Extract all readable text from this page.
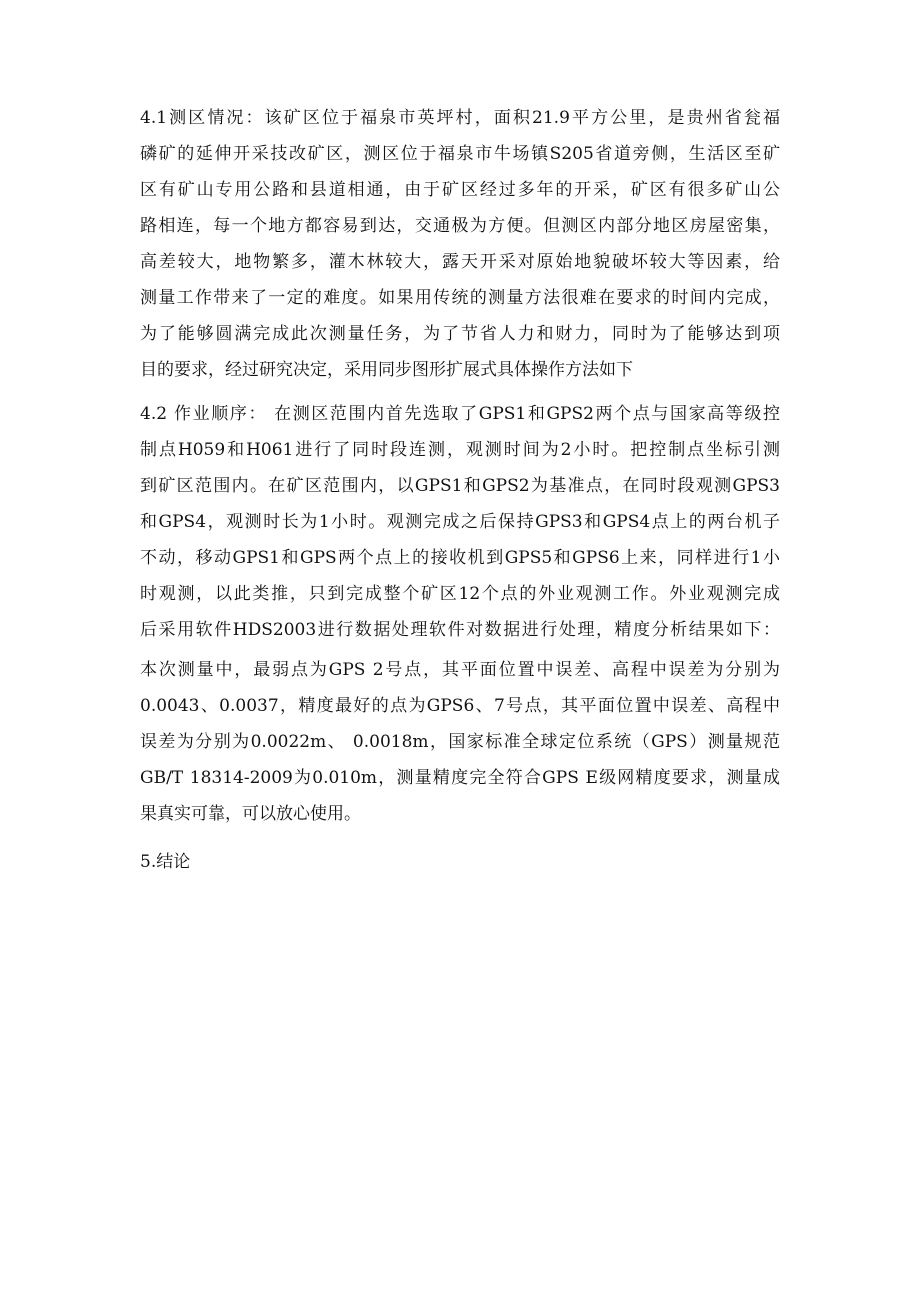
4.1测区情况：该矿区位于福泉市英坪村，面积21.9平方公里，是贵州省瓮福
磷矿的延伸开采技改矿区，测区位于福泉市牛场镇S205省道旁侧，生活区至矿
区有矿山专用公路和县道相通，由于矿区经过多年的开采，矿区有很多矿山公
路相连，每一个地方都容易到达，交通极为方便。但测区内部分地区房屋密集，
高差较大，地物繁多，灌木林较大，露天开采对原始地貌破坏较大等因素，给
测量工作带来了一定的难度。如果用传统的测量方法很难在要求的时间内完成，
为了能够圆满完成此次测量任务，为了节省人力和财力，同时为了能够达到项
目的要求，经过研究决定，采用同步图形扩展式具体操作方法如下
4.2 作业顺序： 在测区范围内首先选取了GPS1和GPS2两个点与国家高等级控
制点H059和H061进行了同时段连测，观测时间为2小时。把控制点坐标引测
到矿区范围内。在矿区范围内，以GPS1和GPS2为基准点，在同时段观测GPS3
和GPS4，观测时长为1小时。观测完成之后保持GPS3和GPS4点上的两台机子
不动，移动GPS1和GPS两个点上的接收机到GPS5和GPS6上来，同样进行1小
时观测，以此类推，只到完成整个矿区12个点的外业观测工作。外业观测完成
后采用软件HDS2003进行数据处理软件对数据进行处理，精度分析结果如下：
本次测量中，最弱点为GPS 2号点，其平面位置中误差、高程中误差为分别为
0.0043、0.0037，精度最好的点为GPS6、7号点，其平面位置中误差、高程中
误差为分别为0.0022m、 0.0018m，国家标准全球定位系统（GPS）测量规范
GB/T 18314-2009为0.010m，测量精度完全符合GPS E级网精度要求，测量成
果真实可靠，可以放心使用。
5.结论
